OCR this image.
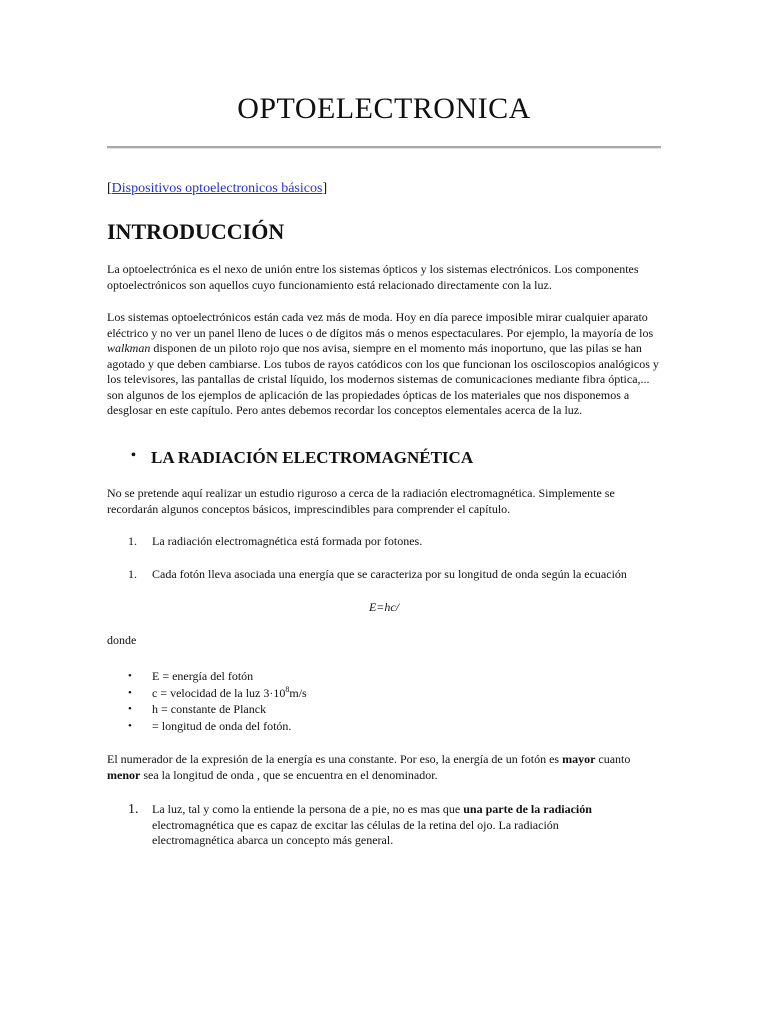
OPTOELECTRONICA
[Dispositivos optoelectronicos básicos]
INTRODUCCIÓN

La optoelectrónica es el nexo de unión entre los sistemas ópticos y los sistemas electrónicos. Los componentes optoelectrónicos son aquellos cuyo funcionamiento está relacionado directamente con la luz.

Los sistemas optoelectrónicos están cada vez más de moda. Hoy en día parece imposible mirar cualquier aparato eléctrico y no ver un panel lleno de luces o de dígitos más o menos espectaculares. Por ejemplo, la mayoría de los walkman disponen de un piloto rojo que nos avisa, siempre en el momento más inoportuno, que las pilas se han agotado y que deben cambiarse. Los tubos de rayos catódicos con los que funcionan los osciloscopios analógicos y los televisores, las pantallas de cristal líquido, los modernos sistemas de comunicaciones mediante fibra óptica,... son algunos de los ejemplos de aplicación de las propiedades ópticas de los materiales que nos disponemos a desglosar en este capítulo. Pero antes debemos recordar los conceptos elementales acerca de la luz.

• LA RADIACIÓN ELECTROMAGNÉTICA

No se pretende aquí realizar un estudio riguroso a cerca de la radiación electromagnética. Simplemente se recordarán algunos conceptos básicos, imprescindibles para comprender el capítulo.

1. La radiación electromagnética está formada por fotones.
1. Cada fotón lleva asociada una energía que se caracteriza por su longitud de onda según la ecuación

E=hc/

donde

• E = energía del fotón
• c = velocidad de la luz $3\cdot 10^8m/s$
• h = constante de Planck
• = longitud de onda del fotón.

El numerador de la expresión de la energía es una constante. Por eso, la energía de un fotón es mayor cuanto menor sea la longitud de onda , que se encuentra en el denominador.

1. La luz, tal y como la entiende la persona de a pie, no es mas que una parte de la radiación electromagnética que es capaz de excitar las células de la retina del ojo. La radiación electromagnética abarca un concepto más general.
